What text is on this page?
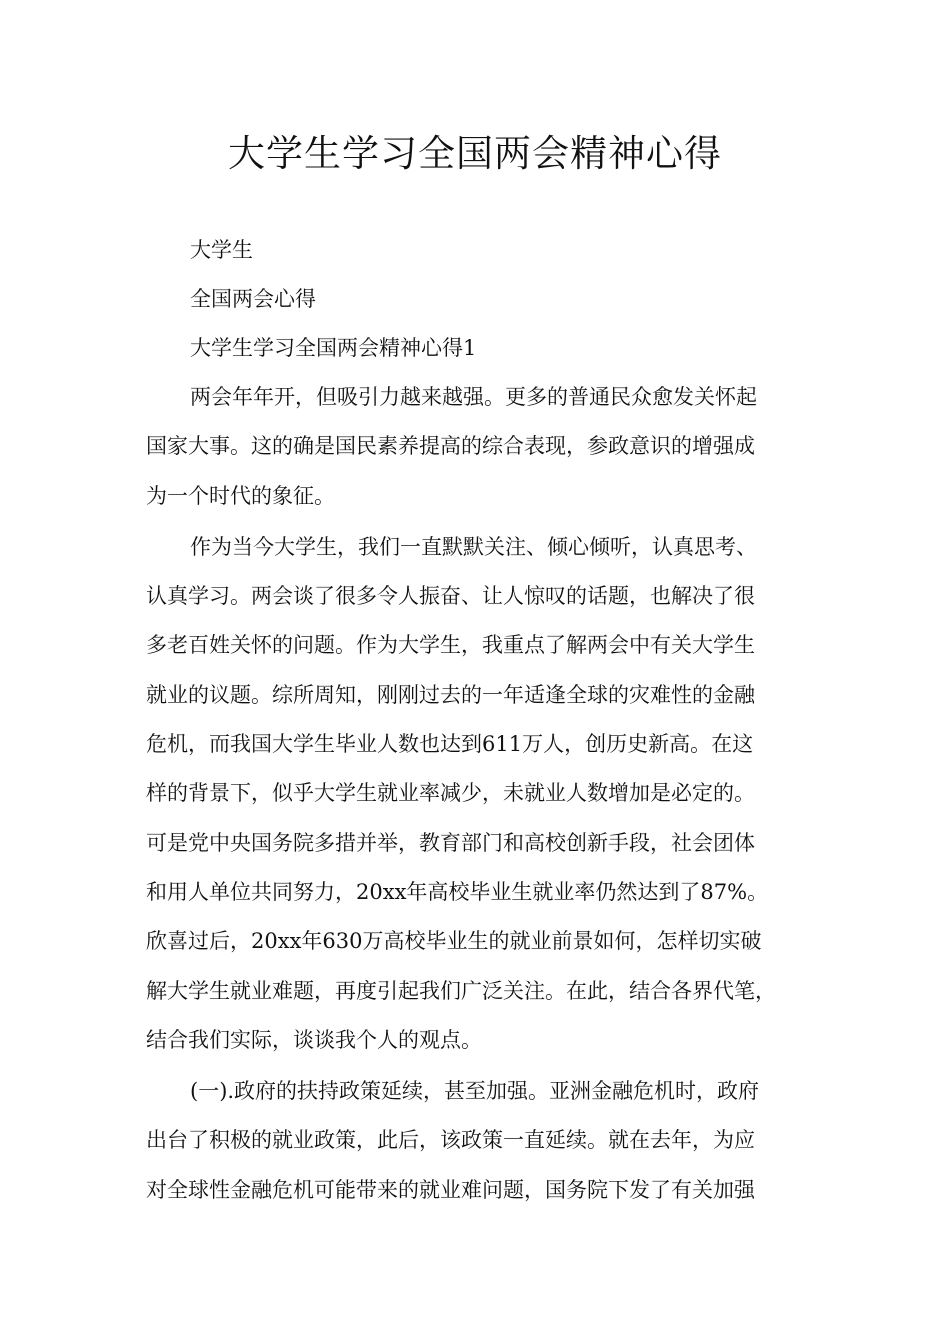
大学生学习全国两会精神心得

大学生

全国两会心得

大学生学习全国两会精神心得1

两会年年开，但吸引力越来越强。更多的普通民众愈发关怀起
国家大事。这的确是国民素养提高的综合表现，参政意识的增强成
为一个时代的象征。
作为当今大学生，我们一直默默关注、倾心倾听，认真思考、
认真学习。两会谈了很多令人振奋、让人惊叹的话题，也解决了很
多老百姓关怀的问题。作为大学生，我重点了解两会中有关大学生
就业的议题。综所周知，刚刚过去的一年适逢全球的灾难性的金融
危机，而我国大学生毕业人数也达到611万人，创历史新高。在这
样的背景下，似乎大学生就业率减少，未就业人数增加是必定的。
可是党中央国务院多措并举，教育部门和高校创新手段，社会团体
和用人单位共同努力，20xx年高校毕业生就业率仍然达到了87%。
欣喜过后，20xx年630万高校毕业生的就业前景如何，怎样切实破
解大学生就业难题，再度引起我们广泛关注。在此，结合各界代笔，
结合我们实际，谈谈我个人的观点。
(一).政府的扶持政策延续，甚至加强。亚洲金融危机时，政府
出台了积极的就业政策，此后，该政策一直延续。就在去年，为应
对全球性金融危机可能带来的就业难问题，国务院下发了有关加强
